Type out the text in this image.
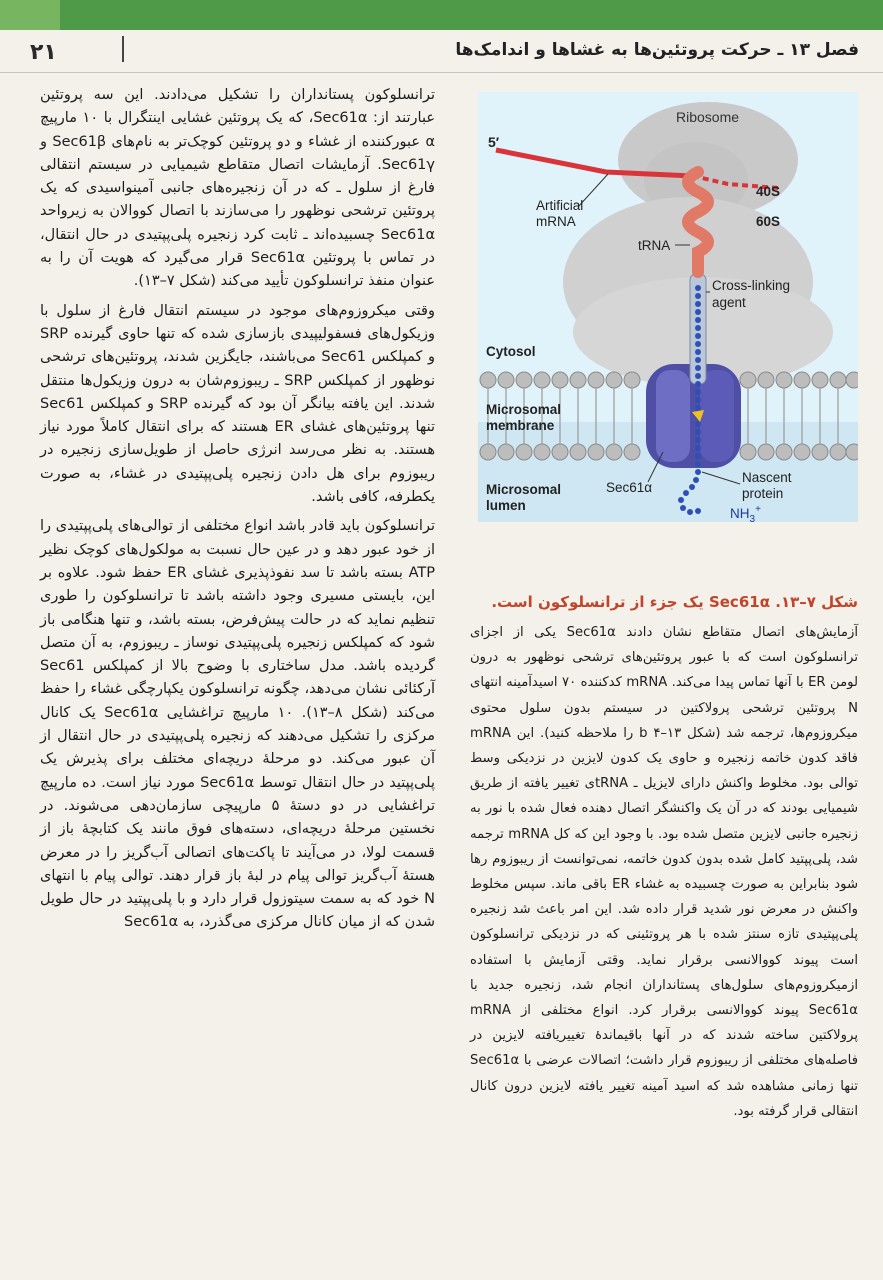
۲۱	فصل ۱۳ ـ حرکت پروتئین‌ها به غشاها و اندامک‌ها

ترانسلوکون پستانداران را تشکیل می‌دادند. این سه پروتئین عبارتند از: Sec61α، که یک پروتئین غشایی اینتگرال با ۱۰ مارپیچ α عبورکننده از غشاء و دو پروتئین کوچک‌تر به نام‌های Sec61β و Sec61γ. آزمایشات اتصال متقاطع شیمیایی در سیستم انتقالی فارغ از سلول ـ که در آن زنجیره‌های جانبی آمینواسیدی که یک پروتئین ترشحی نوظهور را می‌سازند با اتصال کووالان به زیرواحد Sec61α چسبیده‌اند ـ ثابت کرد زنجیره پلی‌پپتیدی در حال انتقال، در تماس با پروتئین Sec61α قرار می‌گیرد که هویت آن را به عنوان منفذ ترانسلوکون تأیید می‌کند (شکل ۷–۱۳).

وقتی میکروزوم‌های موجود در سیستم انتقال فارغ از سلول با وزیکول‌های فسفولیپیدی بازسازی شده که تنها حاوی گیرنده SRP و کمپلکس Sec61 می‌باشند، جایگزین شدند، پروتئین‌های ترشحی نوظهور از کمپلکس SRP ـ ریبوزوم‌شان به درون وزیکول‌ها منتقل شدند. این یافته بیانگر آن بود که گیرنده SRP و کمپلکس Sec61 تنها پروتئین‌های غشای ER هستند که برای انتقال کاملاً مورد نیاز هستند. به نظر می‌رسد انرژی حاصل از طویل‌سازی زنجیره در ریبوزوم برای هل دادن زنجیره پلی‌پپتیدی در غشاء، به صورت یکطرفه، کافی باشد.

ترانسلوکون باید قادر باشد انواع مختلفی از توالی‌های پلی‌پپتیدی را از خود عبور دهد و در عین حال نسبت به مولکول‌های کوچک نظیر ATP بسته باشد تا سد نفوذپذیری غشای ER حفظ شود. علاوه بر این، بایستی مسیری وجود داشته باشد تا ترانسلوکون را طوری تنظیم نماید که در حالت پیش‌فرض، بسته باشد، و تنها هنگامی باز شود که کمپلکس زنجیره پلی‌پپتیدی نوساز ـ ریبوزوم، به آن متصل گردیده باشد. مدل ساختاری با وضوح بالا از کمپلکس Sec61 آرکئائی نشان می‌دهد، چگونه ترانسلوکون یکپارچگی غشاء را حفظ می‌کند (شکل ۸–۱۳). ۱۰ مارپیچ تراغشایی Sec61α یک کانال مرکزی را تشکیل می‌دهند که زنجیره پلی‌پپتیدی در حال انتقال از آن عبور می‌کند. دو مرحلهٔ دریچه‌ای مختلف برای پذیرش یک پلی‌پپتید در حال انتقال توسط Sec61α مورد نیاز است. ده مارپیچ تراغشایی در دو دستهٔ ۵ مارپیچی سازمان‌دهی می‌شوند. در نخستین مرحلهٔ دریچه‌ای، دسته‌های فوق مانند یک کتابچهٔ باز از قسمت لولا، در می‌آیند تا پاکت‌های اتصالی آب‌گریز را در معرض هستهٔ آب‌گریز توالی پیام در لبهٔ باز قرار دهند. توالی پیام با انتهای N خود که به سمت سیتوزول قرار دارد و با پلی‌پپتید در حال طویل شدن که از میان کانال مرکزی می‌گذرد، به Sec61α

5′
Ribosome
Artificial mRNA
40S
60S
tRNA
Cross-linking agent
Cytosol
Microsomal membrane
Microsomal lumen
Sec61α
Nascent protein
$NH_3^+$

شکل ۷–۱۳. Sec61α یک جزء از ترانسلوکون است.

آزمایش‌های اتصال متقاطع نشان دادند Sec61α یکی از اجزای ترانسلوکون است که با عبور پروتئین‌های ترشحی نوظهور به درون لومن ER با آنها تماس پیدا می‌کند. mRNA کدکننده ۷۰ اسیدآمینه انتهای N پروتئین ترشحی پرولاکتین در سیستم بدون سلول محتوی میکروزوم‌ها، ترجمه شد (شکل b ۴–۱۳ را ملاحظه کنید). این mRNA فاقد کدون خاتمه زنجیره و حاوی یک کدون لایزین در نزدیکی وسط توالی بود. مخلوط واکنش دارای لایزیل ـ tRNAی تغییر یافته از طریق شیمیایی بودند که در آن یک واکنشگر اتصال دهنده فعال شده با نور به زنجیره جانبی لایزین متصل شده بود. با وجود این که کل mRNA ترجمه شد، پلی‌پپتید کامل شده بدون کدون خاتمه، نمی‌توانست از ریبوزوم رها شود بنابراین به صورت چسبیده به غشاء ER باقی ماند. سپس مخلوط واکنش در معرض نور شدید قرار داده شد. این امر باعث شد زنجیره پلی‌پپتیدی تازه سنتز شده با هر پروتئینی که در نزدیکی ترانسلوکون است پیوند کووالانسی برقرار نماید. وقتی آزمایش با استفاده ازمیکروزوم‌های سلول‌های پستانداران انجام شد، زنجیره جدید با Sec61α پیوند کووالانسی برقرار کرد. انواع مختلفی از mRNA پرولاکتین ساخته شدند که در آنها باقیماندهٔ تغییریافته لایزین در فاصله‌های مختلفی از ریبوزوم قرار داشت؛ اتصالات عرضی با Sec61α تنها زمانی مشاهده شد که اسید آمینه تغییر یافته لایزین درون کانال انتقالی قرار گرفته بود.
